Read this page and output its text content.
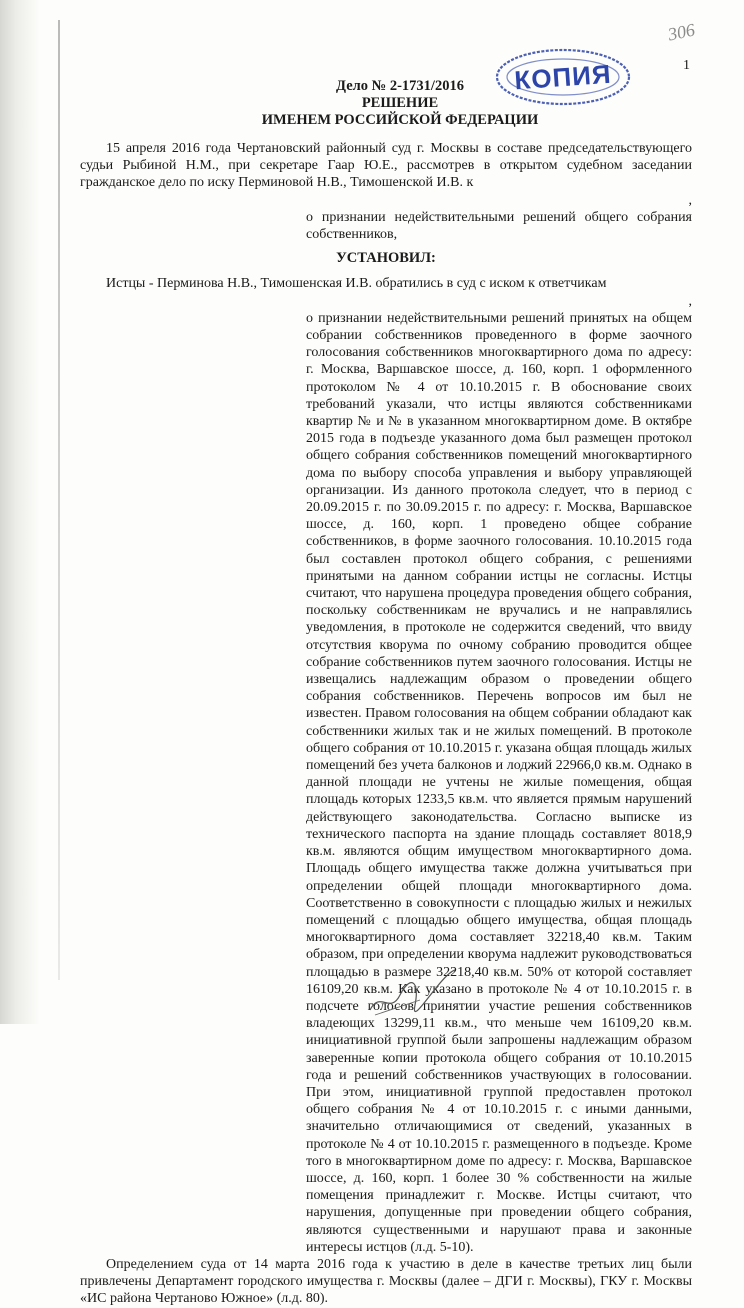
306
1
КОПИЯ
Дело № 2-1731/2016
РЕШЕНИЕ
ИМЕНЕМ РОССИЙСКОЙ ФЕДЕРАЦИИ

15 апреля 2016 года Чертановский районный суд г. Москвы в составе председательствующего судьи Рыбиной Н.М., при секретаре Гаар Ю.Е., рассмотрев в открытом судебном заседании гражданское дело по иску Перминовой Н.В., Тимошенской И.В. к

,

о признании недействительными решений общего собрания собственников,

УСТАНОВИЛ:

Истцы - Перминова Н.В., Тимошенская И.В. обратились в суд с иском к ответчикам

,

о признании недействительными решений принятых на общем собрании собственников проведенного в форме заочного голосования собственников многоквартирного дома по адресу: г. Москва, Варшавское шоссе, д. 160, корп. 1 оформленного протоколом № 4 от 10.10.2015 г. В обоснование своих требований указали, что истцы являются собственниками квартир № и № в указанном многоквартирном доме. В октябре 2015 года в подъезде указанного дома был размещен протокол общего собрания собственников помещений многоквартирного дома по выбору способа управления и выбору управляющей организации. Из данного протокола следует, что в период с 20.09.2015 г. по 30.09.2015 г. по адресу: г. Москва, Варшавское шоссе, д. 160, корп. 1 проведено общее собрание собственников, в форме заочного голосования. 10.10.2015 года был составлен протокол общего собрания, с решениями принятыми на данном собрании истцы не согласны. Истцы считают, что нарушена процедура проведения общего собрания, поскольку собственникам не вручались и не направлялись уведомления, в протоколе не содержится сведений, что ввиду отсутствия кворума по очному собранию проводится общее собрание собственников путем заочного голосования. Истцы не извещались надлежащим образом о проведении общего собрания собственников. Перечень вопросов им был не известен. Правом голосования на общем собрании обладают как собственники жилых так и не жилых помещений. В протоколе общего собрания от 10.10.2015 г. указана общая площадь жилых помещений без учета балконов и лоджий 22966,0 кв.м. Однако в данной площади не учтены не жилые помещения, общая площадь которых 1233,5 кв.м. что является прямым нарушений действующего законодательства. Согласно выписке из технического паспорта на здание площадь составляет 8018,9 кв.м. являются общим имуществом многоквартирного дома. Площадь общего имущества также должна учитываться при определении общей площади многоквартирного дома. Соответственно в совокупности с площадью жилых и нежилых помещений с площадью общего имущества, общая площадь многоквартирного дома составляет 32218,40 кв.м. Таким образом, при определении кворума надлежит руководствоваться площадью в размере 32218,40 кв.м. 50% от которой составляет 16109,20 кв.м. Как указано в протоколе № 4 от 10.10.2015 г. в подсчете голосов принятии участие решения собственников владеющих 13299,11 кв.м., что меньше чем 16109,20 кв.м. инициативной группой были запрошены надлежащим образом заверенные копии протокола общего собрания от 10.10.2015 года и решений собственников участвующих в голосовании. При этом, инициативной группой предоставлен протокол общего собрания № 4 от 10.10.2015 г. с иными данными, значительно отличающимися от сведений, указанных в протоколе № 4 от 10.10.2015 г. размещенного в подъезде. Кроме того в многоквартирном доме по адресу: г. Москва, Варшавское шоссе, д. 160, корп. 1 более 30 % собственности на жилые помещения принадлежит г. Москве. Истцы считают, что нарушения, допущенные при проведении общего собрания, являются существенными и нарушают права и законные интересы истцов (л.д. 5-10).

Определением суда от 14 марта 2016 года к участию в деле в качестве третьих лиц были привлечены Департамент городского имущества г. Москвы (далее – ДГИ г. Москвы), ГКУ г. Москвы «ИС района Чертаново Южное» (л.д. 80).
